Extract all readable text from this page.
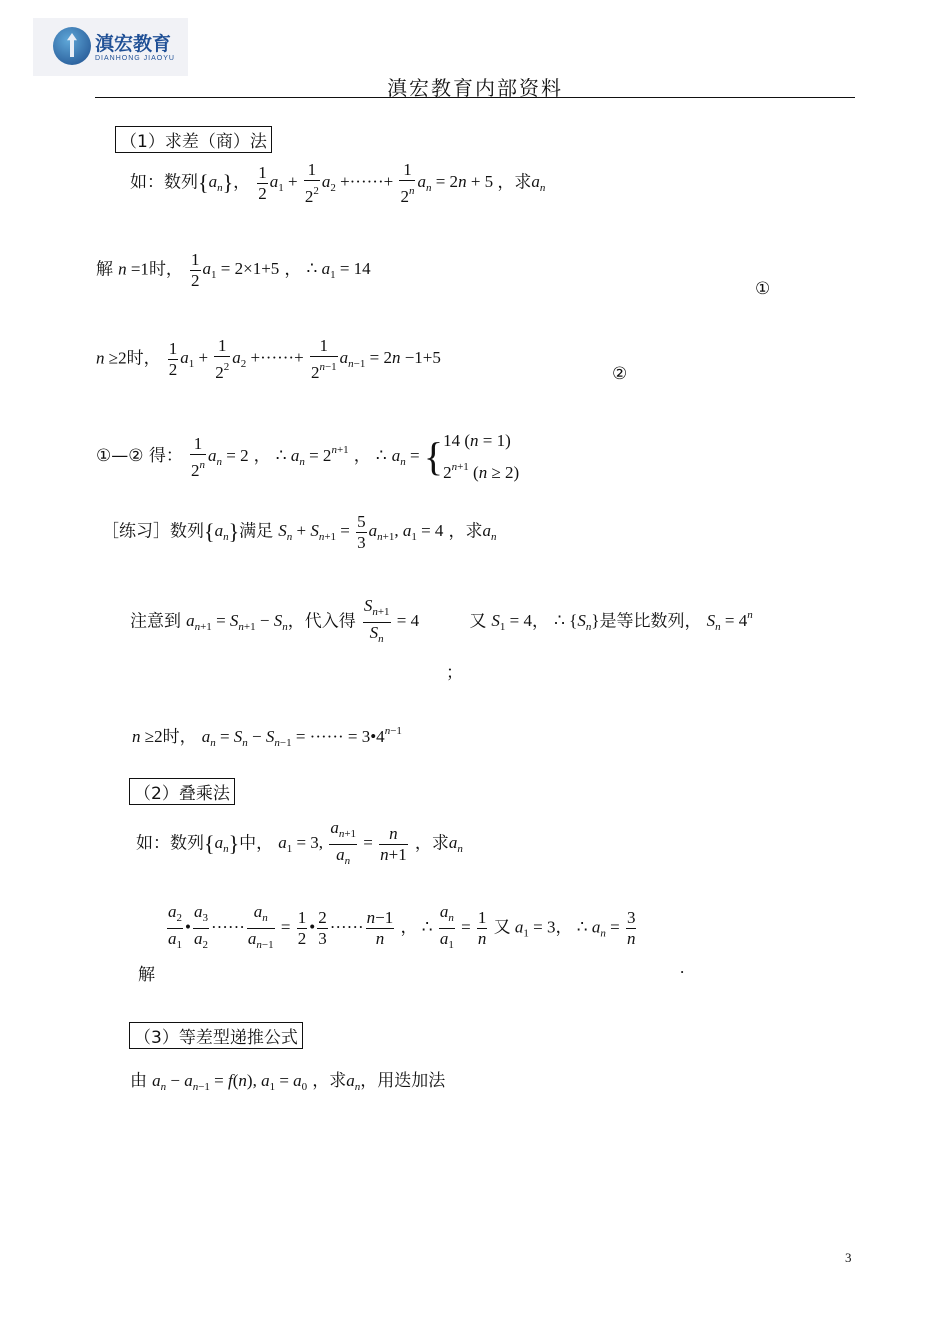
滇宏教育
DIANHONG JIAOYU
滇宏教育内部资料
（1）求差（商）法
如：数列$\{a_n\}$， $\frac{1}{2} a_1 + \frac{1}{2^2} a_2$ +······+ $\frac{1}{2^n} a_n = 2n + 5$ ，求$a_n$
解 n =1时， $\frac{1}{2} a_1 = 2\times 1+5$ ， ∴ $a_1 = 14$
①
n ≥2时， $\frac{1}{2} a_1 + \frac{1}{2^2} a_2$ +······+ $\frac{1}{2^{n-1}} a_{n-1} = 2n -1+5$
②
①—② 得： $\frac{1}{2^n} a_n = 2$ ， ∴ $a_n = 2^{n+1}$ ， ∴ $a_n$ = { 14 (n = 1)
$2^{n+1}$ (n ≥ 2)
［练习］数列$\{a_n\}$满足 $S_n + S_{n+1} = \frac{5}{3} a_{n+1}$, $a_1 = 4$ ，求$a_n$
注意到 $a_{n+1} = S_{n+1} - S_n$，代入得 $\frac{S_{n+1}}{S_n} = 4$	又 $S_1 = 4$， ∴ $\{S_n\}$是等比数列， $S_n = 4^n$
；
n ≥2时， $a_n = S_n - S_{n-1}$ = ······ = $3•4^{n-1}$
（2）叠乘法
如：数列$\{a_n\}$中， $a_1 = 3$, $\frac{a_{n+1}}{a_n} = \frac{n}{n+1}$ ，求$a_n$
$\frac{a_2}{a_1}$ • $\frac{a_3}{a_2}$ ······ $\frac{a_n}{a_{n-1}} = \frac{1}{2}$ • $\frac{2}{3}$ ······ $\frac{n-1}{n}$ ， ∴ $\frac{a_n}{a_1} = \frac{1}{n}$ 又 $a_1 = 3$， ∴ $a_n = \frac{3}{n}$
解	.
（3）等差型递推公式
由 $a_n - a_{n-1} = f(n)$, $a_1 = a_0$ ，求$a_n$，用迭加法
3
